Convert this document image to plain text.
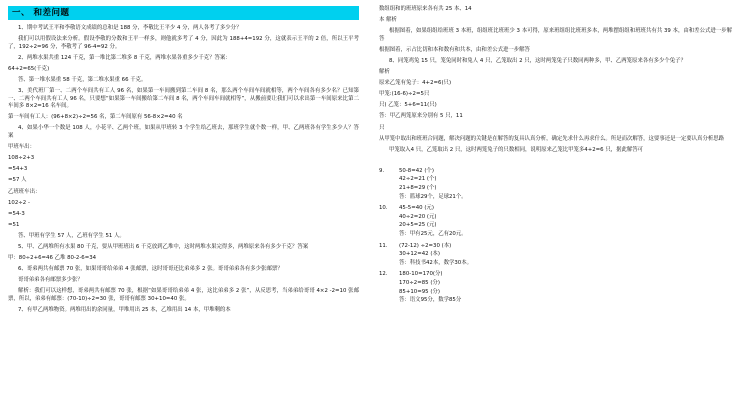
一、 和差问题

1、期中考试王平和李敬语文成绩的总和是 188 分，李敬比王平少 4 分，两人各考了多少分？

我们可以用假设法来分析。假设李敬的分数和王平一样多，则他就多考了 4 分，因此为 188+4=192 分，这就表示王平的 2 倍，所以王平考了，192÷2=96 分，李敬考了 96-4=92 分。

2、两堆水果共重 124 千克，第一堆比第二堆多 8 千克，两堆水果各重多少千克？答案：

64+2=65(千克)

答、第一堆水果重 58 千克，第二堆水果重 66 千克。

3、美代班厂第一、二两个车间共有工人 96 名，如果第一车间搬到第二车间 8 名，那么两个车间车间就相等，两个车间各有多少名？已知第一、二两个车间共有工人 96 名，只要想“如果第一车间搬给第二车间 8 名，两个车间车间就相等”，从搬前要让我们可以求出第一车间原来比第二车间多 8×2=16 名车间。

第一车间有工人：(96+8×2)÷2=56 名，第二车间原有 56-8×2=40 名

4、如果小华一个数是 108 人，小花平、乙两个班，如果从甲班转 3 个学生给乙班去，那班学生就个数一样，甲、乙两班各有学生多少人？答案

甲班车出：

108÷2+3

=54+3

=57 人

乙班班车出：

102÷2 -

=54-3

=51

答、甲班有学生 57 人，乙班有学生 51 人。

5、甲、乙两堆所有水果 80 千克，要从甲班班出 6 千克放到乙堆中，这时两堆水果完得多，两堆原来各有多少千克？答案

甲：80÷2+6=46 乙堆 80-2-6=34

6、哥弟两共有邮票 70 张，如果哥哥给弟弟 4 张邮票，这时哥哥还比弟弟多 2 张。哥哥弟弟各有多少张邮票？

哥哥弟弟各有邮票多少张？

解析：我们可以这样想，哥弟两共有邮票 70 张，根据“如果哥哥给弟弟 4 张，这比弟弟多 2 张”，从反思考，当弟弟给哥哥 4×2 -2=10 张邮票，所以，弟弟有邮票：(70-10)÷2=30 张，哥哥有邮票 30+10=40 张。

7、有甲乙两堆物资。两堆用出的余同量，甲堆用出 25 本，乙堆用出 14 本，甲堆剩的本

数组组和的班班原来各有共 25 本、14

本 解析

根据图着，如果组组给班班 3 本班，组组班比班班少 3 本可得，原来班组组比班班多本，两堆摆组组和班班共有共 39 本，由和差公式进一步解答

根据图着，示占比切和本和数有和共本，由和差公式进一步解答

8、同笼鸡兔 15 只，笼兔同时和兔人 4 只，乙笼取出 2 只，这时两笼兔子只数同两种多，甲、乙两笼原来各有多少个兔子？

解析

原来乙笼有兔子：4+2=6(只)

甲笼:(16-6)÷2=5只

只) 乙笼：5+6=11(只)

答：甲乙两笼原来分别有 5 只，11

只

从甲笼中取出和班班合同题，解决问题的关键是在解答的复具认真分析，确定先求什么再求什么。所是而次解答，这要事还是一定要认真分析思路

甲笼取入4 只，乙笼取出 2 只，这时两笼兔子的只数相同，说明原来乙笼比甲笼多4+2=6 只，据此解答可

9.	50-8=42 (个)
42÷2=21 (个)
21+8=29 (个)
答：篮球29个，足球21个。
10.	45-5=40 (元)
40÷2=20 (元)
20+5=25 (元)
答：甲有25元，乙有20元。
11.	(72-12) ÷2=30 (本)
30+12=42 (本)
答：科技书42本，数学30本。
12.	180-10=170(分)
170÷2=85 (分)
85+10=95 (分)
答：语文95分，数学85分
